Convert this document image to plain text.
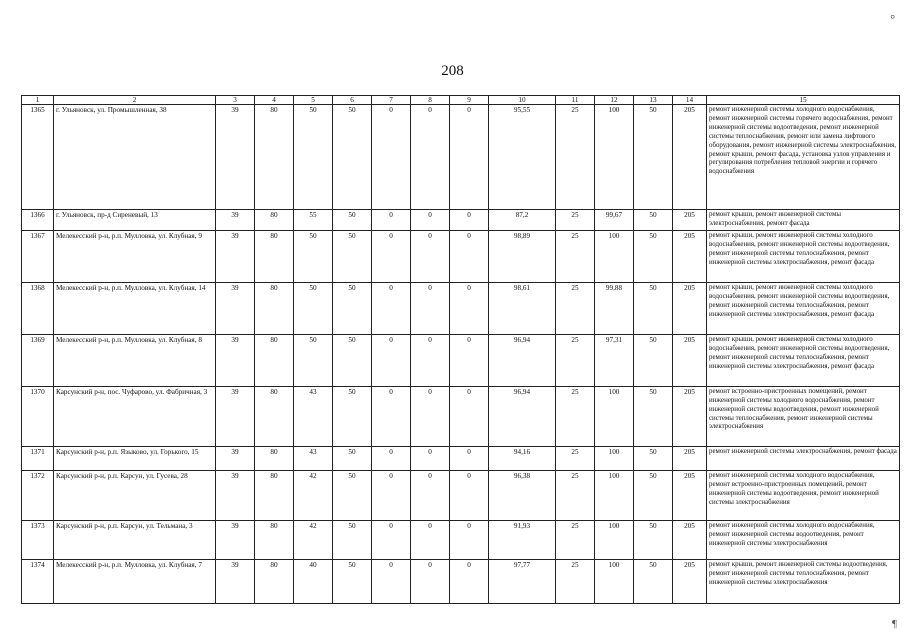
208
°
¶
1	2	3	4	5	6	7	8	9	10	11	12	13	14	15
1365	г. Ульяновск, ул. Промышленная, 38	39	80	50	50	0	0	0	95,55	25	100	50	205	ремонт инженерной системы холодного водоснабжения, ремонт инженерной системы горячего водоснабжения, ремонт инженерной системы водоотведения, ремонт инженерной системы теплоснабжения, ремонт или замена лифтового оборудования, ремонт инженерной системы электроснабжения, ремонт крыши, ремонт фасада, установка узлов управления и регулирования потребления тепловой энергии и горячего водоснабжения
1366	г. Ульяновск, пр-д Сиреневый, 13	39	80	55	50	0	0	0	87,2	25	99,67	50	205	ремонт крыши, ремонт инженерной системы электроснабжения, ремонт фасада
1367	Мелекесский р-н, р.п. Мулловка, ул. Клубная, 9	39	80	50	50	0	0	0	98,89	25	100	50	205	ремонт крыши, ремонт инженерной системы холодного водоснабжения, ремонт инженерной системы водоотведения, ремонт инженерной системы теплоснабжения, ремонт инженерной системы электроснабжения, ремонт фасада
1368	Мелекесский р-н, р.п. Мулловка, ул. Клубная, 14	39	80	50	50	0	0	0	98,61	25	99,88	50	205	ремонт крыши, ремонт инженерной системы холодного водоснабжения, ремонт инженерной системы водоотведения, ремонт инженерной системы теплоснабжения, ремонт инженерной системы электроснабжения, ремонт фасада
1369	Мелекесский р-н, р.п. Мулловка, ул. Клубная, 8	39	80	50	50	0	0	0	96,94	25	97,31	50	205	ремонт крыши, ремонт инженерной системы холодного водоснабжения, ремонт инженерной системы водоотведения, ремонт инженерной системы теплоснабжения, ремонт инженерной системы электроснабжения, ремонт фасада
1370	Карсунский р-н, пос. Чуфарово, ул. Фабричная, 3	39	80	43	50	0	0	0	96,94	25	100	50	205	ремонт встроенно-пристроенных помещений, ремонт инженерной системы холодного водоснабжения, ремонт инженерной системы водоотведения, ремонт инженерной системы теплоснабжения, ремонт инженерной системы электроснабжения
1371	Карсунский р-н, р.п. Языково, ул. Горького, 15	39	80	43	50	0	0	0	94,16	25	100	50	205	ремонт инженерной системы электроснабжения, ремонт фасада
1372	Карсунский р-н, р.п. Карсун, ул. Гусева, 28	39	80	42	50	0	0	0	96,38	25	100	50	205	ремонт инженерной системы холодного водоснабжения, ремонт встроенно-пристроенных помещений, ремонт инженерной системы водоотведения, ремонт инженерной системы электроснабжения
1373	Карсунский р-н, р.п. Карсун, ул. Тельмана, 3	39	80	42	50	0	0	0	91,93	25	100	50	205	ремонт инженерной системы холодного водоснабжения, ремонт инженерной системы водоотведения, ремонт инженерной системы электроснабжения
1374	Мелекесский р-н, р.п. Мулловка, ул. Клубная, 7	39	80	40	50	0	0	0	97,77	25	100	50	205	ремонт крыши, ремонт инженерной системы водоотведения, ремонт инженерной системы теплоснабжения, ремонт инженерной системы электроснабжения
